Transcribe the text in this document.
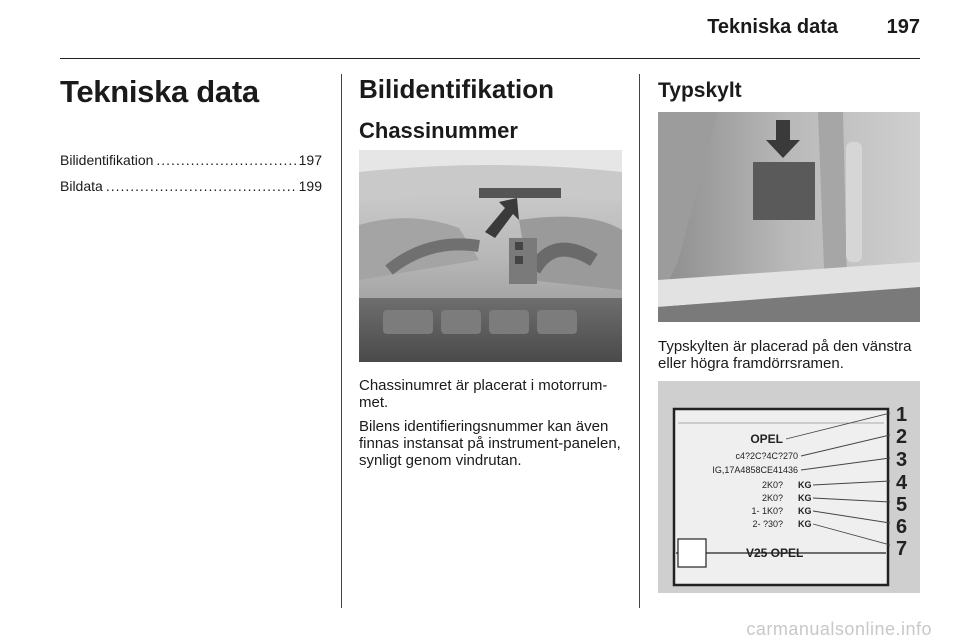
Tekniska data 197
Tekniska data
Bilidentifikation .....	197
Bildata .....	199
Bilidentifikation
Chassinummer
Chassinumret är placerat i motorrum-met.
Bilens identifieringsnummer kan även finnas instansat på instrument-panelen, synligt genom vindrutan.
Typskylt
Typskylten är placerad på den vänstra eller högra framdörrsramen.
OPEL
c4?2C?4C?270
IG,17A4858CE41436
2K0?
2K0?
1- 1K0?
2- ?30?
KG
KG
KG
KG
V25 OPEL
1
2
3
4
5
6
7
carmanualsonline.info
